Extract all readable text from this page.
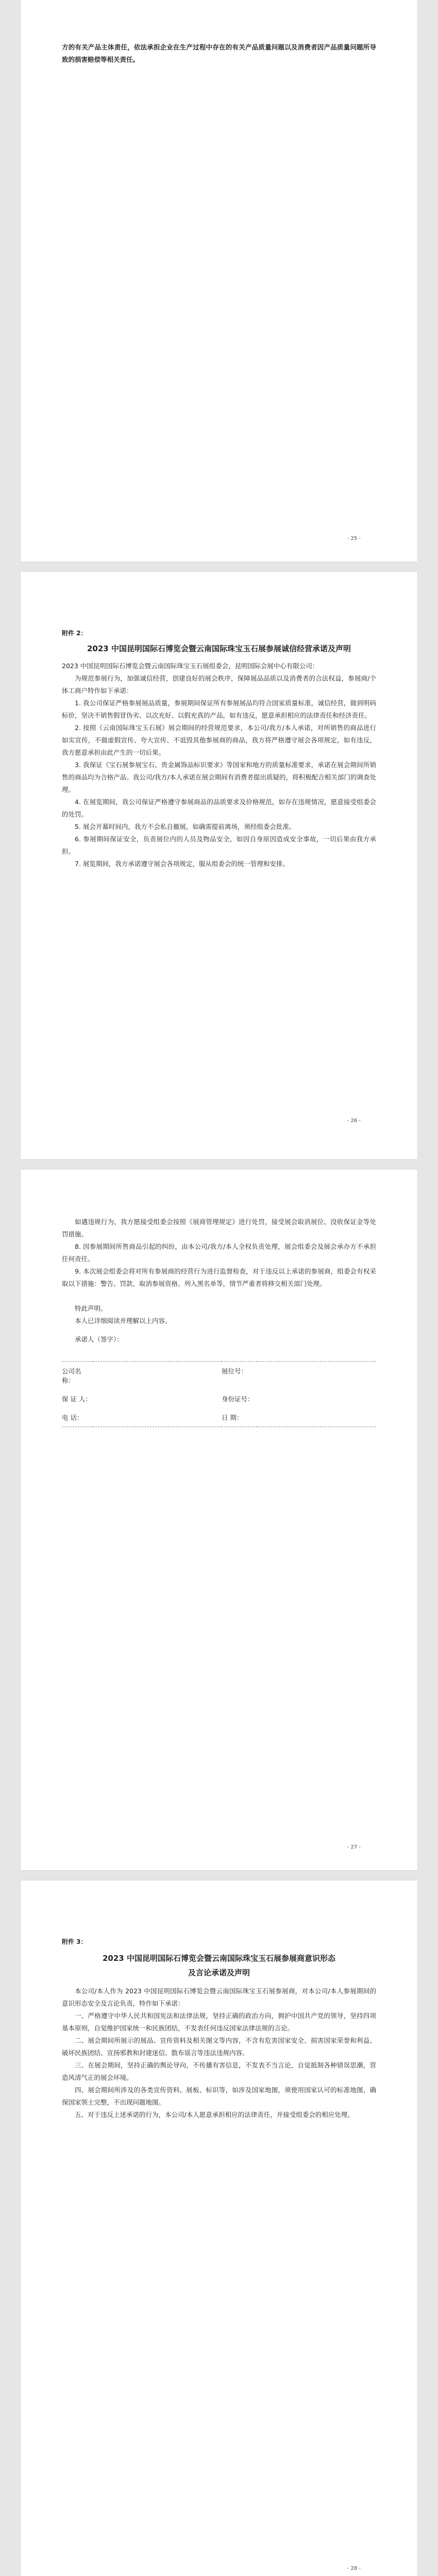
方的有关产品主体责任，依法承担企业在生产过程中存在的有关产品质量问题以及消费者因产品质量问题所导致的损害赔偿等相关责任。

- 25 -

附件 2：

2023 中国昆明国际石博览会暨云南国际珠宝玉石展参展诚信经营承诺及声明

2023 中国昆明国际石博览会暨云南国际珠宝玉石展组委会，昆明国际会展中心有限公司：

为规范参展行为，加强诚信经营，创建良好的展会秩序，保障展品品质以及消费者的合法权益，参展商/个体工商户特作如下承诺：

1. 我公司保证严格参展展品质量，参展期间保证所有参展展品均符合国家质量标准，诚信经营，做到明码标价，坚决不销售假冒伪劣、以次充好、以假充真的产品，如有违反，愿意承担相应的法律责任和经济责任。

2. 按照《云南国际珠宝玉石展》展会期间的经营规范要求，本公司/我方/本人承诺，对所销售的商品进行如实宣传，不做虚假宣传、夸大宣传、不诋毁其他参展商的商品，我方将严格遵守展会各项规定，如有违反，我方愿意承担由此产生的一切后果。

3. 我保证《宝石展参展宝石、贵金属饰品标识要求》等国家和地方的质量标准要求，承诺在展会期间所销售的商品均为合格产品。我公司/我方/本人承诺在展会期间有消费者提出质疑的，将积极配合相关部门的调查处理。

4. 在展览期间，我公司保证严格遵守参展商品的品质要求及价格规范，如存在违规情况，愿意接受组委会的处罚。

5. 展会开幕时间内，我方不会私自撤展，如确需提前离场，须经组委会批准。

6. 参展期间保证安全，负责展位内的人员及物品安全，如因自身原因造成安全事故，一切后果由我方承担。

7. 展览期间，我方承诺遵守展会各项规定，服从组委会的统一管理和安排。

- 26 -

如遇违规行为，我方愿接受组委会按照《展商管理规定》进行处罚，接受展会取消展位、没收保证金等处罚措施。

8. 因参展期间所售商品引起的纠纷，由本公司/我方/本人全权负责处理，展会组委会及展会承办方不承担任何责任。

9. 本次展会组委会将对所有参展商的经营行为进行监督检查，对于违反以上承诺的参展商，组委会有权采取以下措施：警告、罚款、取消参展资格、列入黑名单等，情节严重者将移交相关部门处理。

特此声明。

本人已详细阅读并理解以上内容。

承诺人（签字）：

公司名称：		展位号：	
保 证 人：		身份证号：	
电 话：		日 期：	
- 27 -

附件 3：

2023 中国昆明国际石博览会暨云南国际珠宝玉石展参展商意识形态

及言论承诺及声明

本公司/本人作为 2023 中国昆明国际石博览会暨云南国际珠宝玉石展参展商，对本公司/本人参展期间的意识形态安全及言论负责，特作如下承诺：

一、严格遵守中华人民共和国宪法和法律法规，坚持正确的政治方向，拥护中国共产党的领导，坚持四项基本原则，自觉维护国家统一和民族团结，不发表任何违反国家法律法规的言论。

二、展会期间所展示的展品、宣传资料及相关图文等内容，不含有危害国家安全、损害国家荣誉和利益、破坏民族团结、宣扬邪教和封建迷信、散布谣言等违法违规内容。

三、在展会期间，坚持正确的舆论导向，不传播有害信息，不发表不当言论，自觉抵制各种错误思潮，营造风清气正的展会环境。

四、展会期间所涉及的各类宣传资料、展板、标识等，如涉及国家地图，须使用国家认可的标准地图，确保国家领土完整，不出现问题地图。

五、对于违反上述承诺的行为，本公司/本人愿意承担相应的法律责任，并接受组委会的相应处理。

- 28 -
